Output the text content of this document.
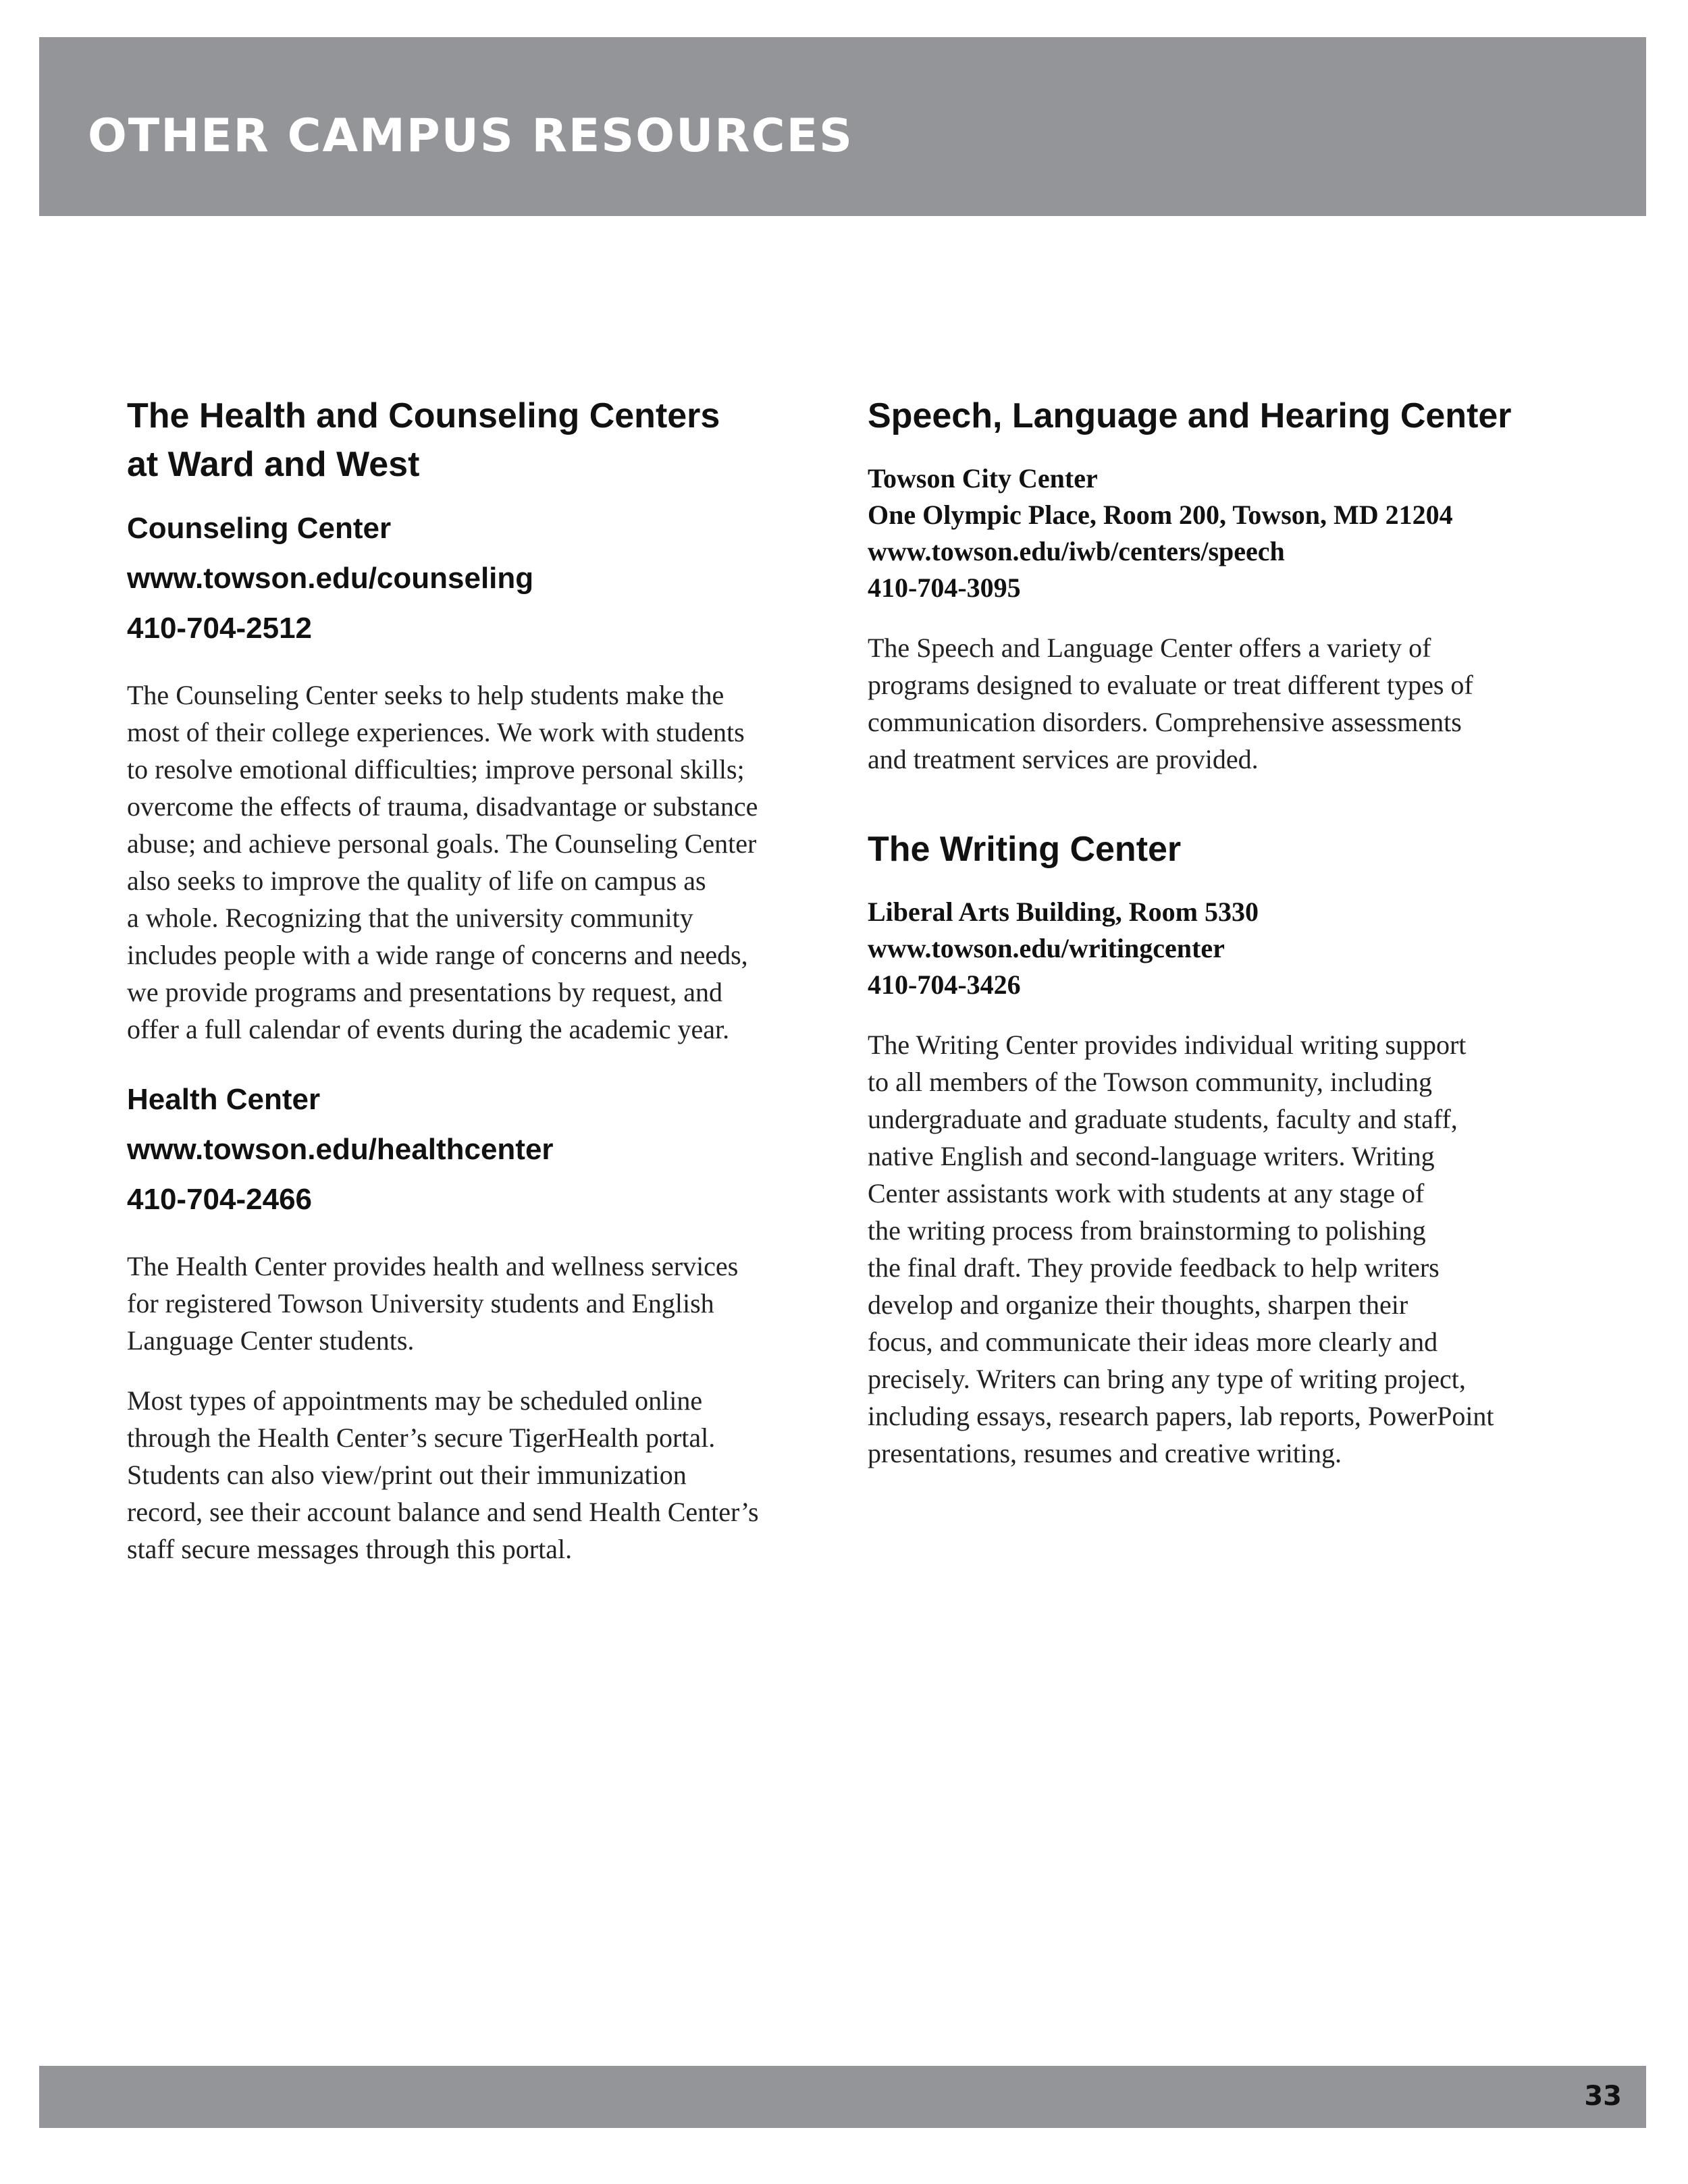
OTHER CAMPUS RESOURCES
The Health and Counseling Centers
at Ward and West
Counseling Center
www.towson.edu/counseling
410-704-2512

The Counseling Center seeks to help students make the
most of their college experiences. We work with students
to resolve emotional difficulties; improve personal skills;
overcome the effects of trauma, disadvantage or substance
abuse; and achieve personal goals. The Counseling Center
also seeks to improve the quality of life on campus as
a whole. Recognizing that the university community
includes people with a wide range of concerns and needs,
we provide programs and presentations by request, and
offer a full calendar of events during the academic year.

Health Center
www.towson.edu/healthcenter
410-704-2466

The Health Center provides health and wellness services
for registered Towson University students and English
Language Center students.

Most types of appointments may be scheduled online
through the Health Center’s secure TigerHealth portal.
Students can also view/print out their immunization
record, see their account balance and send Health Center’s
staff secure messages through this portal.

Speech, Language and Hearing Center
Towson City Center
One Olympic Place, Room 200, Towson, MD 21204
www.towson.edu/iwb/centers/speech
410-704-3095

The Speech and Language Center offers a variety of
programs designed to evaluate or treat different types of
communication disorders. Comprehensive assessments
and treatment services are provided.

The Writing Center
Liberal Arts Building, Room 5330
www.towson.edu/writingcenter
410-704-3426

The Writing Center provides individual writing support
to all members of the Towson community, including
undergraduate and graduate students, faculty and staff,
native English and second-language writers. Writing
Center assistants work with students at any stage of
the writing process from brainstorming to polishing
the final draft. They provide feedback to help writers
develop and organize their thoughts, sharpen their
focus, and communicate their ideas more clearly and
precisely. Writers can bring any type of writing project,
including essays, research papers, lab reports, PowerPoint
presentations, resumes and creative writing.

33
